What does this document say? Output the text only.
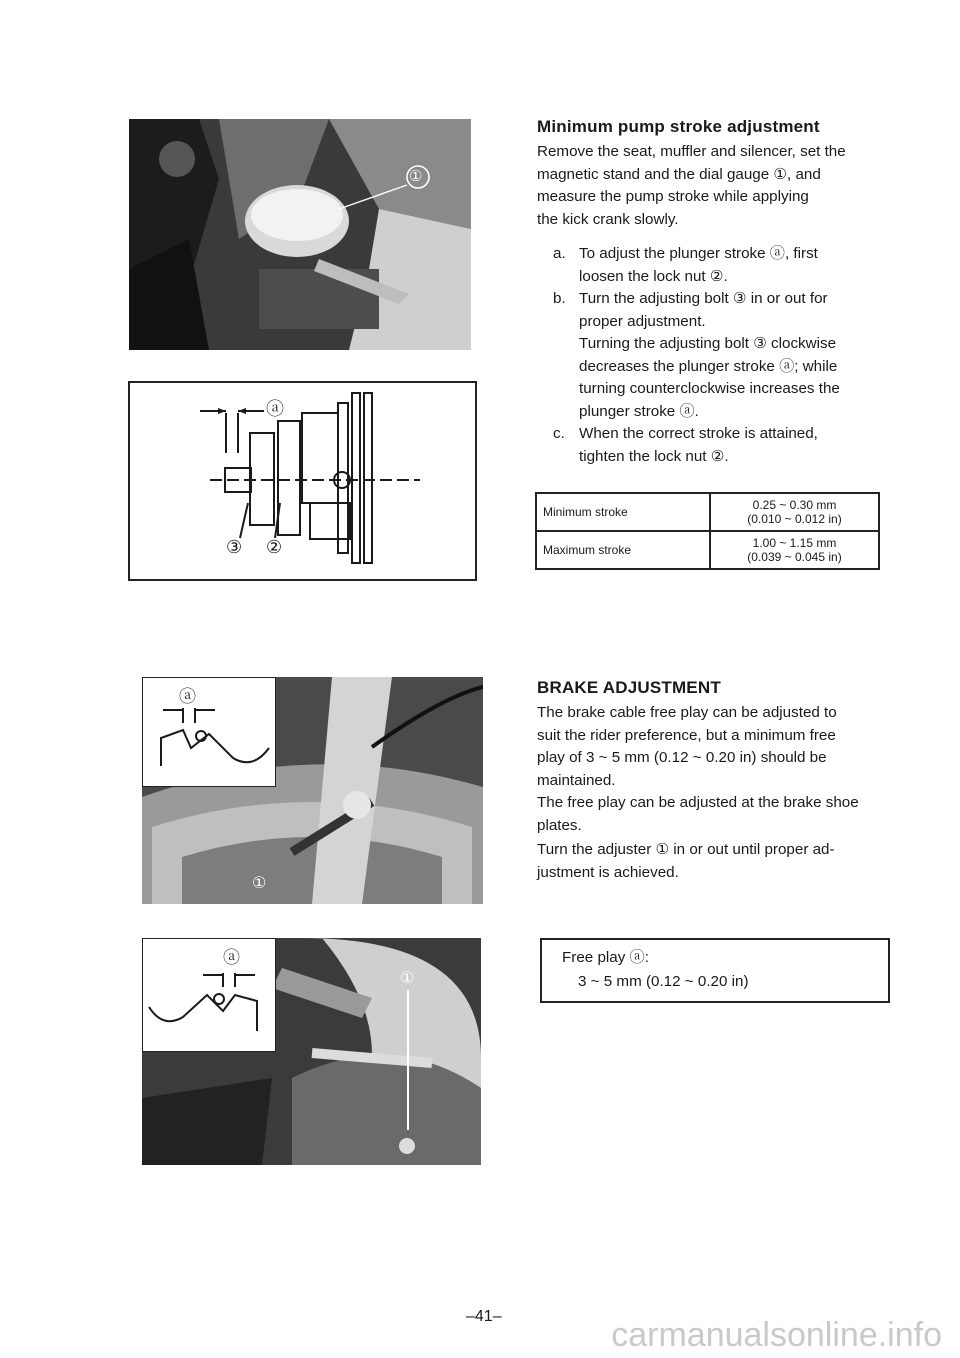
①
ⓐ
③ ②
ⓐ
①
ⓐ
①
Minimum pump stroke adjustment

Remove the seat, muffler and silencer, set the
magnetic stand and the dial gauge ①, and
measure the pump stroke while applying
the kick crank slowly.

a. To adjust the plunger stroke ⓐ, first
loosen the lock nut ②.
b. Turn the adjusting bolt ③ in or out for
proper adjustment.
Turning the adjusting bolt ③ clockwise
decreases the plunger stroke ⓐ; while
turning counterclockwise increases the
plunger stroke ⓐ.
c. When the correct stroke is attained,
tighten the lock nut ②.
Minimum stroke	0.25 ~ 0.30 mm
(0.010 ~ 0.012 in)

Maximum stroke	1.00 ~ 1.15 mm
(0.039 ~ 0.045 in)
BRAKE ADJUSTMENT

The brake cable free play can be adjusted to
suit the rider preference, but a minimum free
play of 3 ~ 5 mm (0.12 ~ 0.20 in) should be
maintained.
The free play can be adjusted at the brake shoe
plates.
Turn the adjuster ① in or out until proper ad-
justment is achieved.

Free play ⓐ:
3 ~ 5 mm (0.12 ~ 0.20 in)
–41–	carmanualsonline.info
